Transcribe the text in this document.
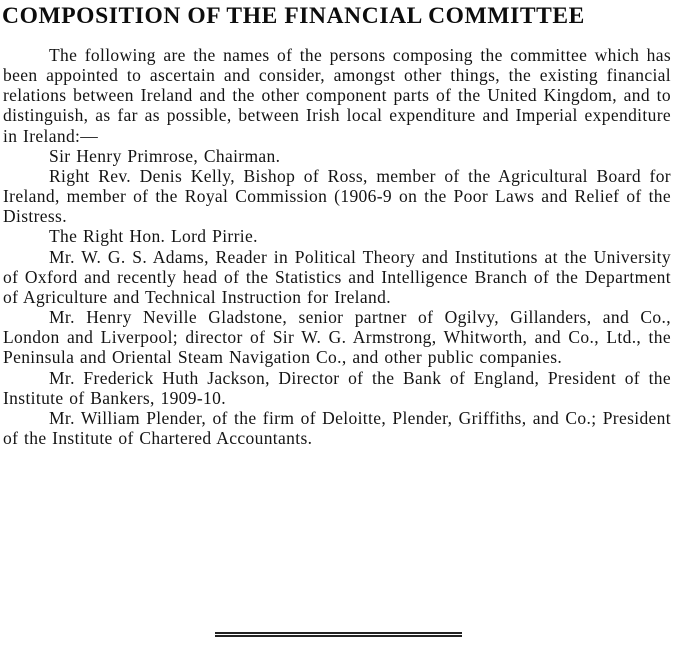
COMPOSITION OF THE FINANCIAL COMMITTEE

The following are the names of the persons composing the committee which has been appointed to ascertain and consider, amongst other things, the existing financial relations between Ireland and the other component parts of the United Kingdom, and to distinguish, as far as possible, between Irish local expenditure and Imperial expenditure in Ireland:—

Sir Henry Primrose, Chairman.

Right Rev. Denis Kelly, Bishop of Ross, member of the Agricultural Board for Ireland, member of the Royal Commission (1906-9 on the Poor Laws and Relief of the Distress.

The Right Hon. Lord Pirrie.

Mr. W. G. S. Adams, Reader in Political Theory and Institutions at the University of Oxford and recently head of the Statistics and Intelligence Branch of the Department of Agriculture and Technical Instruction for Ireland.

Mr. Henry Neville Gladstone, senior partner of Ogilvy, Gillanders, and Co., London and Liverpool; director of Sir W. G. Armstrong, Whitworth, and Co., Ltd., the Peninsula and Oriental Steam Navigation Co., and other public companies.

Mr. Frederick Huth Jackson, Director of the Bank of England, President of the Institute of Bankers, 1909-10.

Mr. William Plender, of the firm of Deloitte, Plender, Griffiths, and Co.; President of the Institute of Chartered Accountants.
